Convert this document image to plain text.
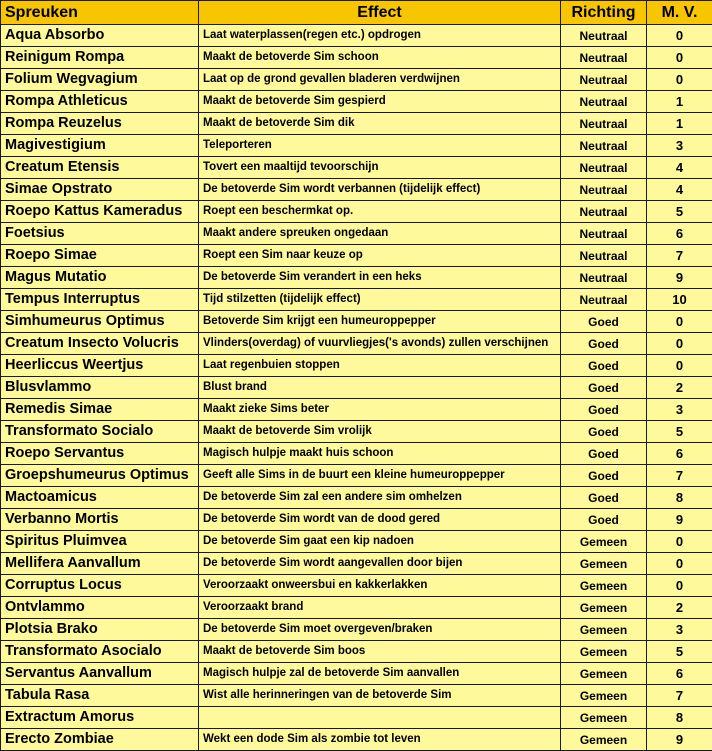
Spreuken	Effect	Richting	M. V.
Aqua Absorbo	Laat waterplassen(regen etc.) opdrogen	Neutraal	0
Reinigum Rompa	Maakt de betoverde Sim schoon	Neutraal	0
Folium Wegvagium	Laat op de grond gevallen bladeren verdwijnen	Neutraal	0
Rompa Athleticus	Maakt de betoverde Sim gespierd	Neutraal	1
Rompa Reuzelus	Maakt de betoverde Sim dik	Neutraal	1
Magivestigium	Teleporteren	Neutraal	3
Creatum Etensis	Tovert een maaltijd tevoorschijn	Neutraal	4
Simae Opstrato	De betoverde Sim wordt verbannen (tijdelijk effect)	Neutraal	4
Roepo Kattus Kameradus	Roept een beschermkat op.	Neutraal	5
Foetsius	Maakt andere spreuken ongedaan	Neutraal	6
Roepo Simae	Roept een Sim naar keuze op	Neutraal	7
Magus Mutatio	De betoverde Sim verandert in een heks	Neutraal	9
Tempus Interruptus	Tijd stilzetten (tijdelijk effect)	Neutraal	10
Simhumeurus Optimus	Betoverde Sim krijgt een humeuroppepper	Goed	0
Creatum Insecto Volucris	Vlinders(overdag) of vuurvliegjes('s avonds) zullen verschijnen	Goed	0
Heerliccus Weertjus	Laat regenbuien stoppen	Goed	0
Blusvlammo	Blust brand	Goed	2
Remedis Simae	Maakt zieke Sims beter	Goed	3
Transformato Socialo	Maakt de betoverde Sim vrolijk	Goed	5
Roepo Servantus	Magisch hulpje maakt huis schoon	Goed	6
Groepshumeurus Optimus	Geeft alle Sims in de buurt een kleine humeuroppepper	Goed	7
Mactoamicus	De betoverde Sim zal een andere sim omhelzen	Goed	8
Verbanno Mortis	De betoverde Sim wordt van de dood gered	Goed	9
Spiritus Pluimvea	De betoverde Sim gaat een kip nadoen	Gemeen	0
Mellifera Aanvallum	De betoverde Sim wordt aangevallen door bijen	Gemeen	0
Corruptus Locus	Veroorzaakt onweersbui en kakkerlakken	Gemeen	0
Ontvlammo	Veroorzaakt brand	Gemeen	2
Plotsia Brako	De betoverde Sim moet overgeven/braken	Gemeen	3
Transformato Asocialo	Maakt de betoverde Sim boos	Gemeen	5
Servantus Aanvallum	Magisch hulpje zal de betoverde Sim aanvallen	Gemeen	6
Tabula Rasa	Wist alle herinneringen van de betoverde Sim	Gemeen	7
Extractum Amorus		Gemeen	8
Erecto Zombiae	Wekt een dode Sim als zombie tot leven	Gemeen	9
